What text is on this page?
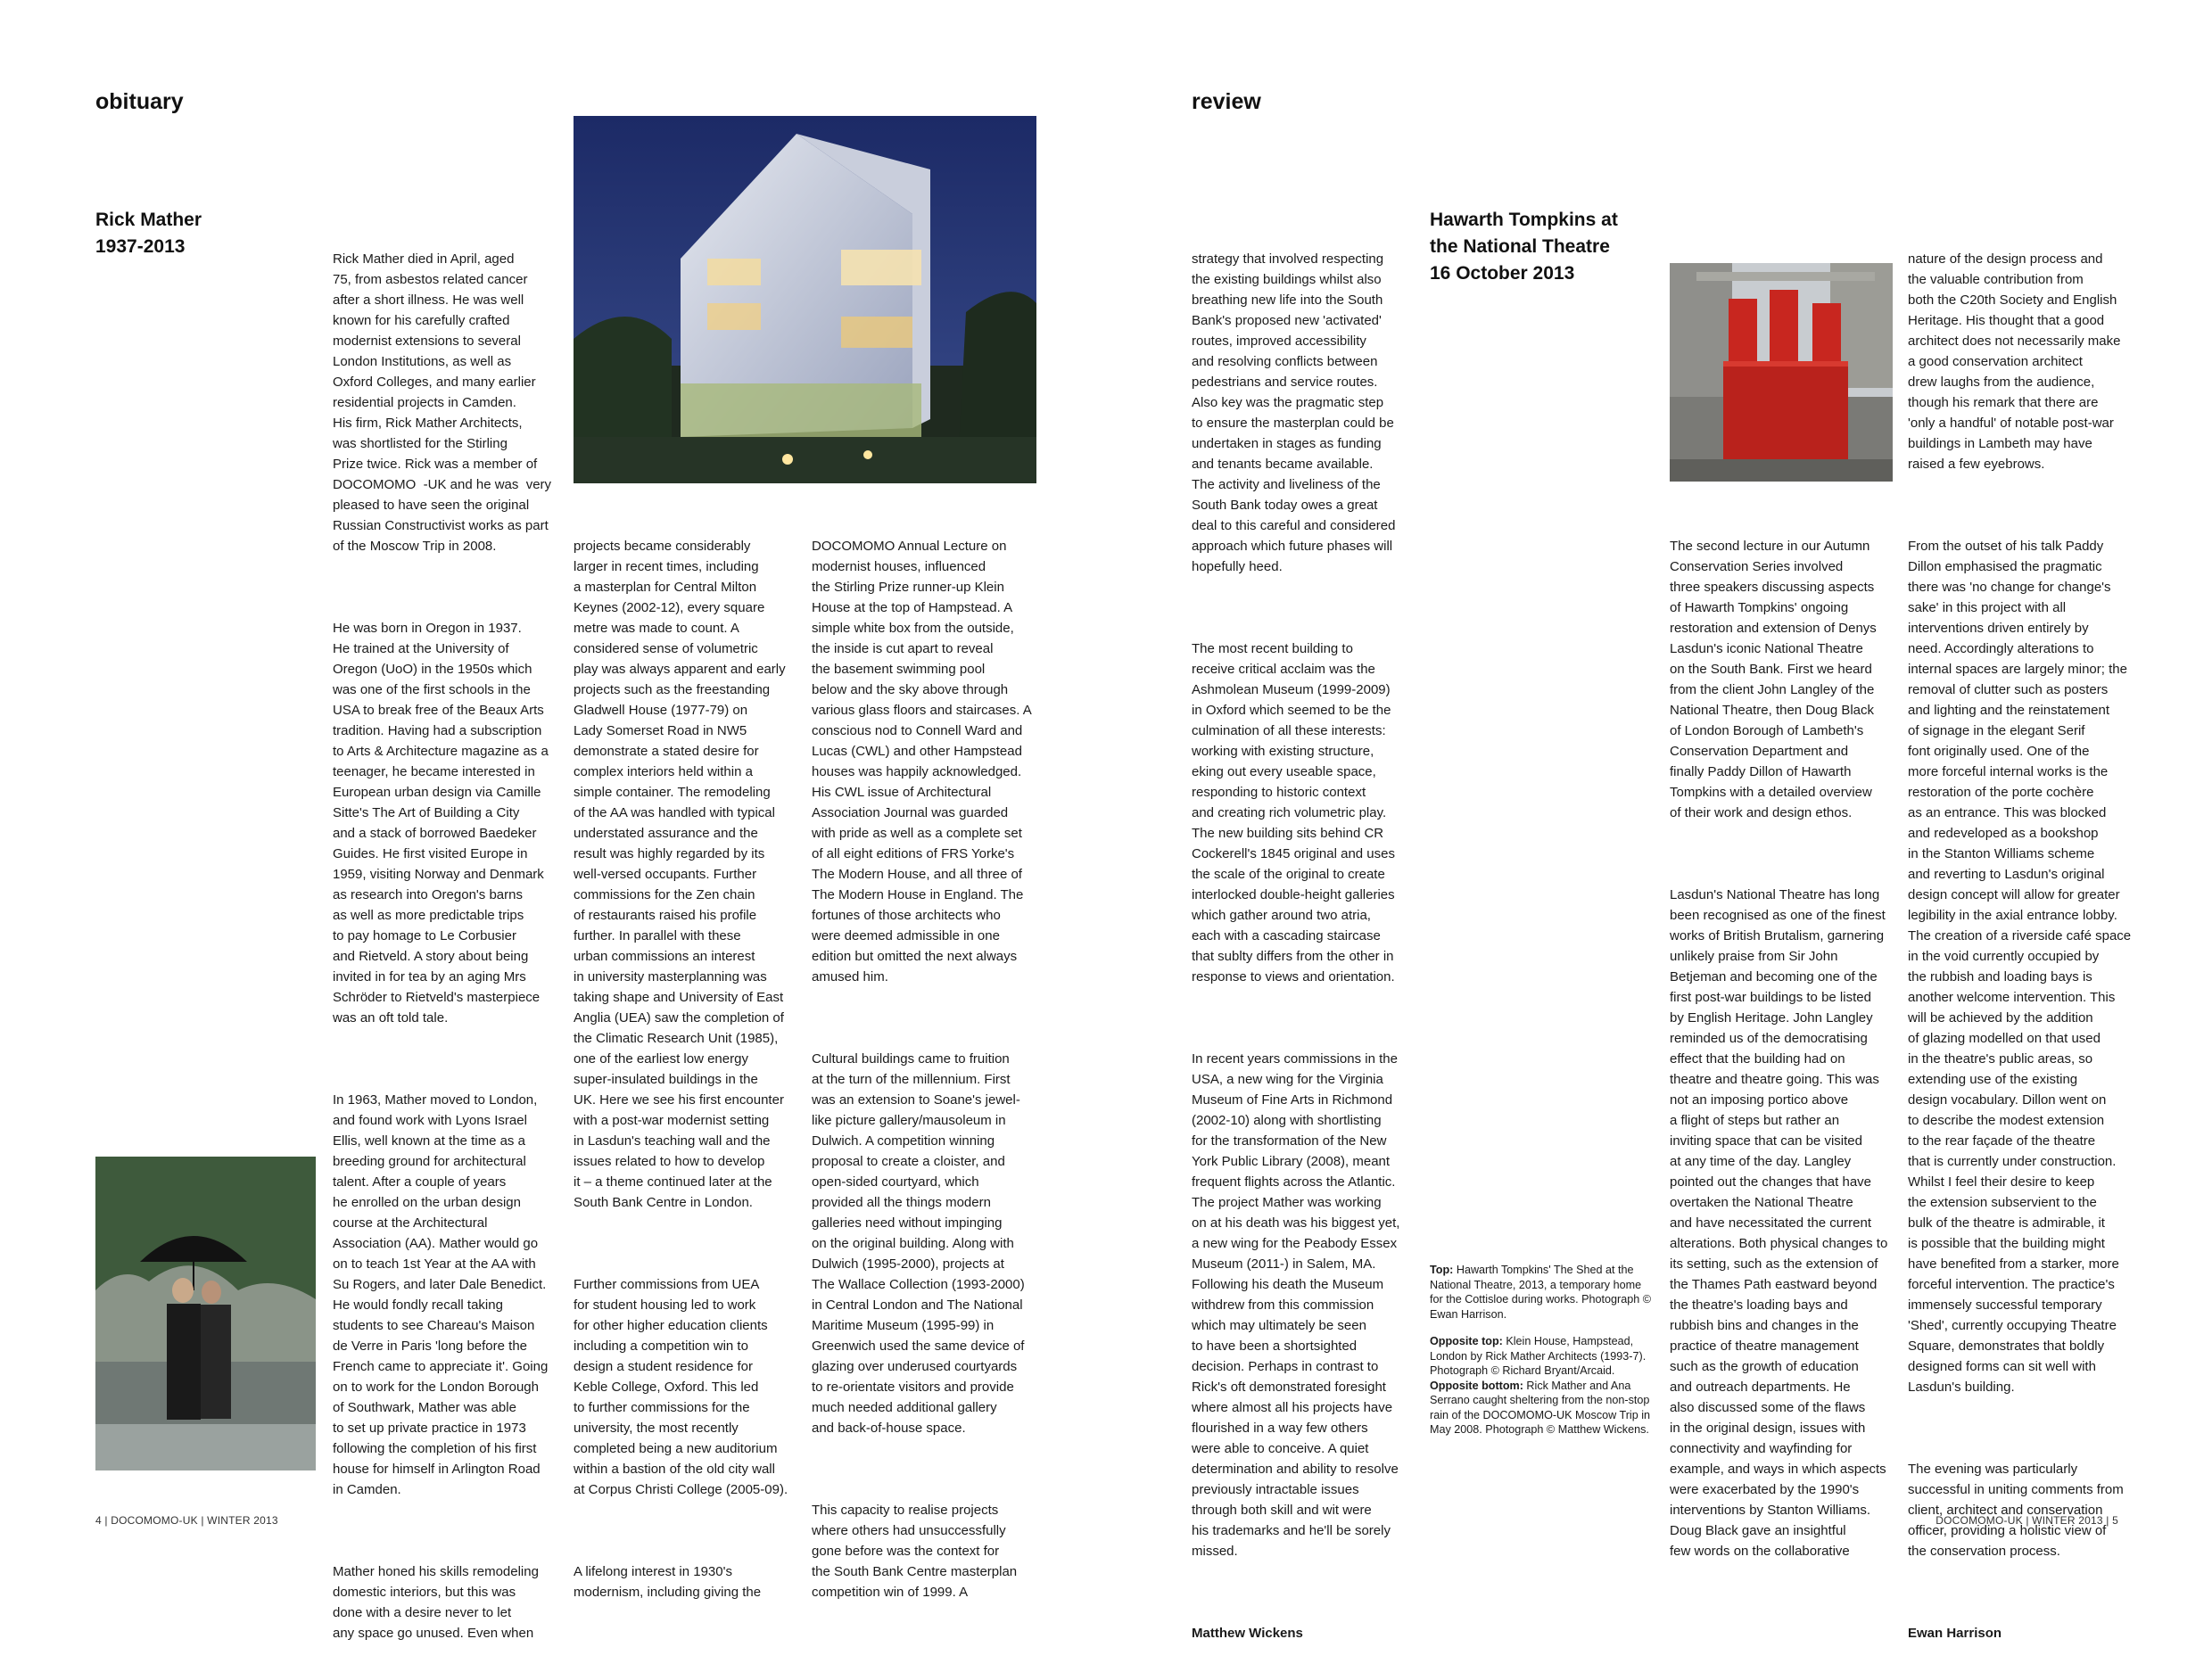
obituary
Rick Mather
1937-2013

Rick Mather died in April, aged
75, from asbestos related cancer
after a short illness. He was well
known for his carefully crafted
modernist extensions to several
London Institutions, as well as
Oxford Colleges, and many earlier
residential projects in Camden.
His firm, Rick Mather Architects,
was shortlisted for the Stirling
Prize twice. Rick was a member of
DOCOMOMO  -UK and he was  very
pleased to have seen the original
Russian Constructivist works as part
of the Moscow Trip in 2008.

He was born in Oregon in 1937.
He trained at the University of
Oregon (UoO) in the 1950s which
was one of the first schools in the
USA to break free of the Beaux Arts
tradition. Having had a subscription
to Arts & Architecture magazine as a
teenager, he became interested in
European urban design via Camille
Sitte's The Art of Building a City
and a stack of borrowed Baedeker
Guides. He first visited Europe in
1959, visiting Norway and Denmark
as research into Oregon's barns
as well as more predictable trips
to pay homage to Le Corbusier
and Rietveld. A story about being
invited in for tea by an aging Mrs
Schröder to Rietveld's masterpiece
was an oft told tale.

In 1963, Mather moved to London,
and found work with Lyons Israel
Ellis, well known at the time as a
breeding ground for architectural
talent. After a couple of years
he enrolled on the urban design
course at the Architectural
Association (AA). Mather would go
on to teach 1st Year at the AA with
Su Rogers, and later Dale Benedict.
He would fondly recall taking
students to see Chareau's Maison
de Verre in Paris 'long before the
French came to appreciate it'. Going
on to work for the London Borough
of Southwark, Mather was able
to set up private practice in 1973
following the completion of his first
house for himself in Arlington Road
in Camden.

Mather honed his skills remodeling
domestic interiors, but this was
done with a desire never to let
any space go unused. Even when

projects became considerably
larger in recent times, including
a masterplan for Central Milton
Keynes (2002-12), every square
metre was made to count. A
considered sense of volumetric
play was always apparent and early
projects such as the freestanding
Gladwell House (1977-79) on
Lady Somerset Road in NW5
demonstrate a stated desire for
complex interiors held within a
simple container. The remodeling
of the AA was handled with typical
understated assurance and the
result was highly regarded by its
well-versed occupants. Further
commissions for the Zen chain
of restaurants raised his profile
further. In parallel with these
urban commissions an interest
in university masterplanning was
taking shape and University of East
Anglia (UEA) saw the completion of
the Climatic Research Unit (1985),
one of the earliest low energy
super-insulated buildings in the
UK. Here we see his first encounter
with a post-war modernist setting
in Lasdun's teaching wall and the
issues related to how to develop
it – a theme continued later at the
South Bank Centre in London.

Further commissions from UEA
for student housing led to work
for other higher education clients
including a competition win to
design a student residence for
Keble College, Oxford. This led
to further commissions for the
university, the most recently
completed being a new auditorium
within a bastion of the old city wall
at Corpus Christi College (2005-09).

A lifelong interest in 1930's
modernism, including giving the

DOCOMOMO Annual Lecture on
modernist houses, influenced
the Stirling Prize runner-up Klein
House at the top of Hampstead. A
simple white box from the outside,
the inside is cut apart to reveal
the basement swimming pool
below and the sky above through
various glass floors and staircases. A
conscious nod to Connell Ward and
Lucas (CWL) and other Hampstead
houses was happily acknowledged.
His CWL issue of Architectural
Association Journal was guarded
with pride as well as a complete set
of all eight editions of FRS Yorke's
The Modern House, and all three of
The Modern House in England. The
fortunes of those architects who
were deemed admissible in one
edition but omitted the next always
amused him.

Cultural buildings came to fruition
at the turn of the millennium. First
was an extension to Soane's jewel-
like picture gallery/mausoleum in
Dulwich. A competition winning
proposal to create a cloister, and
open-sided courtyard, which
provided all the things modern
galleries need without impinging
on the original building. Along with
Dulwich (1995-2000), projects at
The Wallace Collection (1993-2000)
in Central London and The National
Maritime Museum (1995-99) in
Greenwich used the same device of
glazing over underused courtyards
to re-orientate visitors and provide
much needed additional gallery
and back-of-house space.

This capacity to realise projects
where others had unsuccessfully
gone before was the context for
the South Bank Centre masterplan
competition win of 1999. A

4 | DOCOMOMO-UK | WINTER 2013
review

strategy that involved respecting
the existing buildings whilst also
breathing new life into the South
Bank's proposed new 'activated'
routes, improved accessibility
and resolving conflicts between
pedestrians and service routes.
Also key was the pragmatic step
to ensure the masterplan could be
undertaken in stages as funding
and tenants became available.
The activity and liveliness of the
South Bank today owes a great
deal to this careful and considered
approach which future phases will
hopefully heed.

The most recent building to
receive critical acclaim was the
Ashmolean Museum (1999-2009)
in Oxford which seemed to be the
culmination of all these interests:
working with existing structure,
eking out every useable space,
responding to historic context
and creating rich volumetric play.
The new building sits behind CR
Cockerell's 1845 original and uses
the scale of the original to create
interlocked double-height galleries
which gather around two atria,
each with a cascading staircase
that sublty differs from the other in
response to views and orientation.

In recent years commissions in the
USA, a new wing for the Virginia
Museum of Fine Arts in Richmond
(2002-10) along with shortlisting
for the transformation of the New
York Public Library (2008), meant
frequent flights across the Atlantic.
The project Mather was working
on at his death was his biggest yet,
a new wing for the Peabody Essex
Museum (2011-) in Salem, MA.
Following his death the Museum
withdrew from this commission
which may ultimately be seen
to have been a shortsighted
decision. Perhaps in contrast to
Rick's oft demonstrated foresight
where almost all his projects have
flourished in a way few others
were able to conceive. A quiet
determination and ability to resolve
previously intractable issues
through both skill and wit were
his trademarks and he'll be sorely
missed.

Matthew Wickens

Hawarth Tompkins at
the National Theatre
16 October 2013

Top: Hawarth Tompkins' The Shed at the National Theatre, 2013, a temporary home for the Cottisloe during works. Photograph © Ewan Harrison.

Opposite top: Klein House, Hampstead, London by Rick Mather Architects (1993-7). Photograph © Richard Bryant/Arcaid.

Opposite bottom: Rick Mather and Ana Serrano caught sheltering from the non-stop rain of the DOCOMOMO-UK Moscow Trip in May 2008. Photograph © Matthew Wickens.

The second lecture in our Autumn
Conservation Series involved
three speakers discussing aspects
of Hawarth Tompkins' ongoing
restoration and extension of Denys
Lasdun's iconic National Theatre
on the South Bank. First we heard
from the client John Langley of the
National Theatre, then Doug Black
of London Borough of Lambeth's
Conservation Department and
finally Paddy Dillon of Hawarth
Tompkins with a detailed overview
of their work and design ethos.

Lasdun's National Theatre has long
been recognised as one of the finest
works of British Brutalism, garnering
unlikely praise from Sir John
Betjeman and becoming one of the
first post-war buildings to be listed
by English Heritage. John Langley
reminded us of the democratising
effect that the building had on
theatre and theatre going. This was
not an imposing portico above
a flight of steps but rather an
inviting space that can be visited
at any time of the day. Langley
pointed out the changes that have
overtaken the National Theatre
and have necessitated the current
alterations. Both physical changes to
its setting, such as the extension of
the Thames Path eastward beyond
the theatre's loading bays and
rubbish bins and changes in the
practice of theatre management
such as the growth of education
and outreach departments. He
also discussed some of the flaws
in the original design, issues with
connectivity and wayfinding for
example, and ways in which aspects
were exacerbated by the 1990's
interventions by Stanton Williams.
Doug Black gave an insightful
few words on the collaborative

nature of the design process and
the valuable contribution from
both the C20th Society and English
Heritage. His thought that a good
architect does not necessarily make
a good conservation architect
drew laughs from the audience,
though his remark that there are
'only a handful' of notable post-war
buildings in Lambeth may have
raised a few eyebrows.

From the outset of his talk Paddy
Dillon emphasised the pragmatic
there was 'no change for change's
sake' in this project with all
interventions driven entirely by
need. Accordingly alterations to
internal spaces are largely minor; the
removal of clutter such as posters
and lighting and the reinstatement
of signage in the elegant Serif
font originally used. One of the
more forceful internal works is the
restoration of the porte cochère
as an entrance. This was blocked
and redeveloped as a bookshop
in the Stanton Williams scheme
and reverting to Lasdun's original
design concept will allow for greater
legibility in the axial entrance lobby.
The creation of a riverside café space
in the void currently occupied by
the rubbish and loading bays is
another welcome intervention. This
will be achieved by the addition
of glazing modelled on that used
in the theatre's public areas, so
extending use of the existing
design vocabulary. Dillon went on
to describe the modest extension
to the rear façade of the theatre
that is currently under construction.
Whilst I feel their desire to keep
the extension subservient to the
bulk of the theatre is admirable, it
is possible that the building might
have benefited from a starker, more
forceful intervention. The practice's
immensely successful temporary
'Shed', currently occupying Theatre
Square, demonstrates that boldly
designed forms can sit well with
Lasdun's building.

The evening was particularly
successful in uniting comments from
client, architect and conservation
officer, providing a holistic view of
the conservation process.

Ewan Harrison

DOCOMOMO-UK | WINTER 2013 | 5
